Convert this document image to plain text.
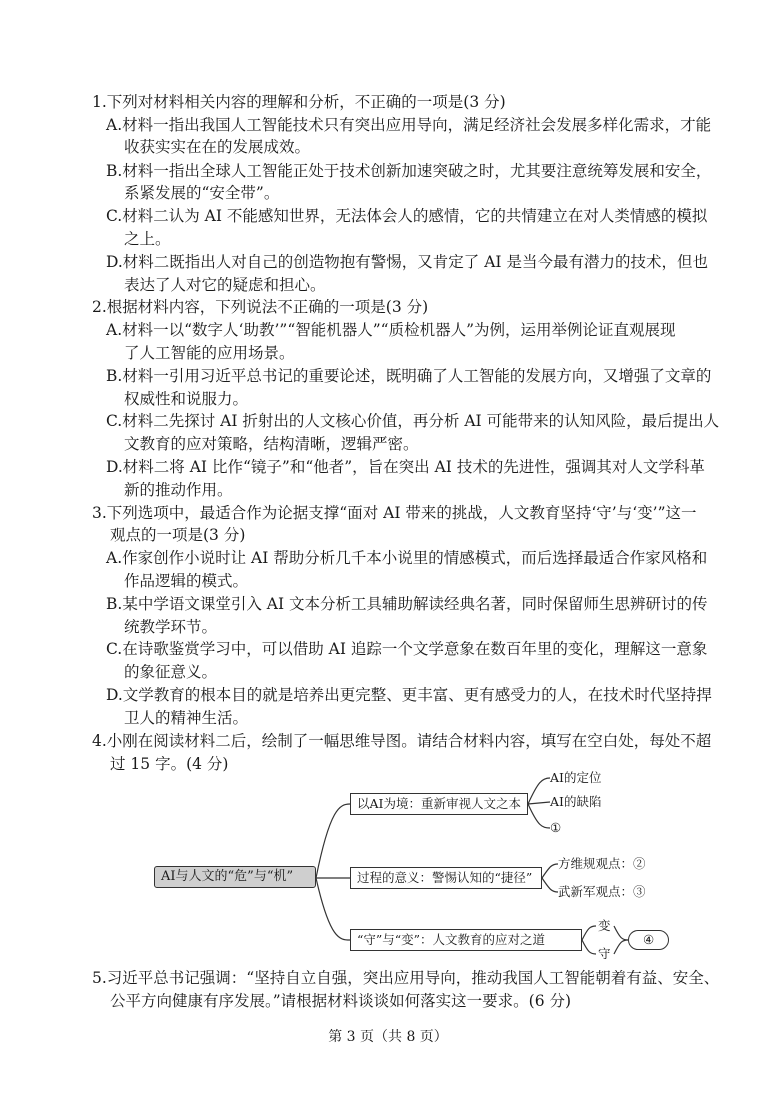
1.下列对材料相关内容的理解和分析，不正确的一项是(3 分)

A.材料一指出我国人工智能技术只有突出应用导向，满足经济社会发展多样化需求，才能

收获实实在在的发展成效。

B.材料一指出全球人工智能正处于技术创新加速突破之时，尤其要注意统筹发展和安全，

系紧发展的“安全带”。

C.材料二认为 AI 不能感知世界，无法体会人的感情，它的共情建立在对人类情感的模拟

之上。

D.材料二既指出人对自己的创造物抱有警惕，又肯定了 AI 是当今最有潜力的技术，但也

表达了人对它的疑虑和担心。

2.根据材料内容，下列说法不正确的一项是(3 分)

A.材料一以“数字人‘助教’”“智能机器人”“质检机器人”为例，运用举例论证直观展现

了人工智能的应用场景。

B.材料一引用习近平总书记的重要论述，既明确了人工智能的发展方向，又增强了文章的

权威性和说服力。

C.材料二先探讨 AI 折射出的人文核心价值，再分析 AI 可能带来的认知风险，最后提出人

文教育的应对策略，结构清晰，逻辑严密。

D.材料二将 AI 比作“镜子”和“他者”，旨在突出 AI 技术的先进性，强调其对人文学科革

新的推动作用。

3.下列选项中，最适合作为论据支撑“面对 AI 带来的挑战，人文教育坚持‘守’与‘变’”这一

观点的一项是(3 分)

A.作家创作小说时让 AI 帮助分析几千本小说里的情感模式，而后选择最适合作家风格和

作品逻辑的模式。

B.某中学语文课堂引入 AI 文本分析工具辅助解读经典名著，同时保留师生思辨研讨的传

统教学环节。

C.在诗歌鉴赏学习中，可以借助 AI 追踪一个文学意象在数百年里的变化，理解这一意象

的象征意义。

D.文学教育的根本目的就是培养出更完整、更丰富、更有感受力的人，在技术时代坚持捍

卫人的精神生活。

4.小刚在阅读材料二后，绘制了一幅思维导图。请结合材料内容，填写在空白处，每处不超

过 15 字。(4 分)

AI与人文的“危”与“机”
以AI为境：重新审视人文之本
AI的定位
AI的缺陷
①
过程的意义：警惕认知的“捷径”
方维规观点：②
武新军观点：③
“守”与“变”：人文教育的应对之道
变
守
④

5.习近平总书记强调：“坚持自立自强，突出应用导向，推动我国人工智能朝着有益、安全、

公平方向健康有序发展。”请根据材料谈谈如何落实这一要求。(6 分)

第 3 页（共 8 页）
